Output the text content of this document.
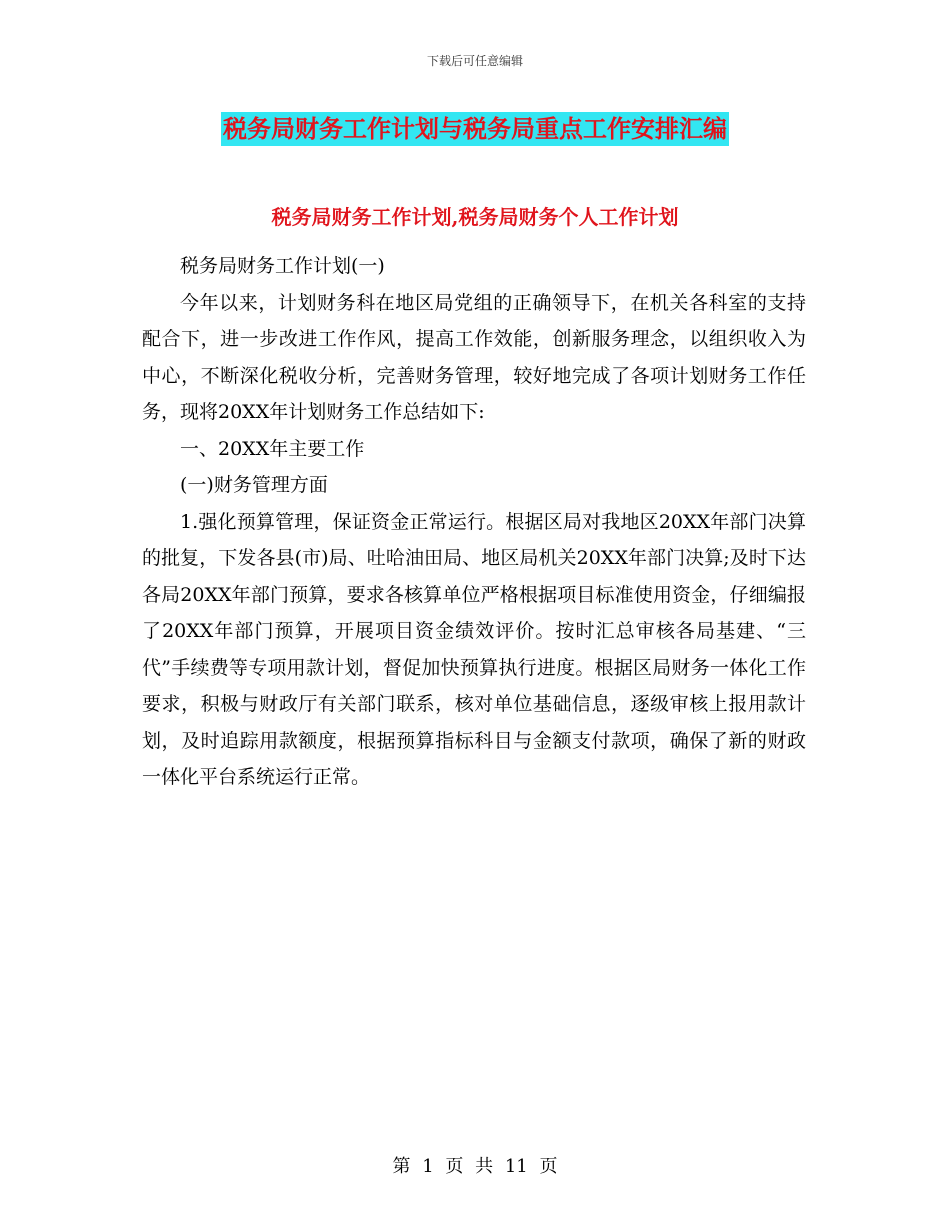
下载后可任意编辑
税务局财务工作计划与税务局重点工作安排汇编
税务局财务工作计划,税务局财务个人工作计划

税务局财务工作计划(一)

今年以来，计划财务科在地区局党组的正确领导下，在机关各科室的支持配合下，进一步改进工作作风，提高工作效能，创新服务理念，以组织收入为中心，不断深化税收分析，完善财务管理，较好地完成了各项计划财务工作任务，现将20XX年计划财务工作总结如下:

一、20XX年主要工作

(一)财务管理方面

1.强化预算管理，保证资金正常运行。根据区局对我地区20XX年部门决算的批复，下发各县(市)局、吐哈油田局、地区局机关20XX年部门决算;及时下达各局20XX年部门预算，要求各核算单位严格根据项目标准使用资金，仔细编报了20XX年部门预算，开展项目资金绩效评价。按时汇总审核各局基建、“三代”手续费等专项用款计划，督促加快预算执行进度。根据区局财务一体化工作要求，积极与财政厅有关部门联系，核对单位基础信息，逐级审核上报用款计划，及时追踪用款额度，根据预算指标科目与金额支付款项，确保了新的财政一体化平台系统运行正常。

第 1 页 共 11 页
